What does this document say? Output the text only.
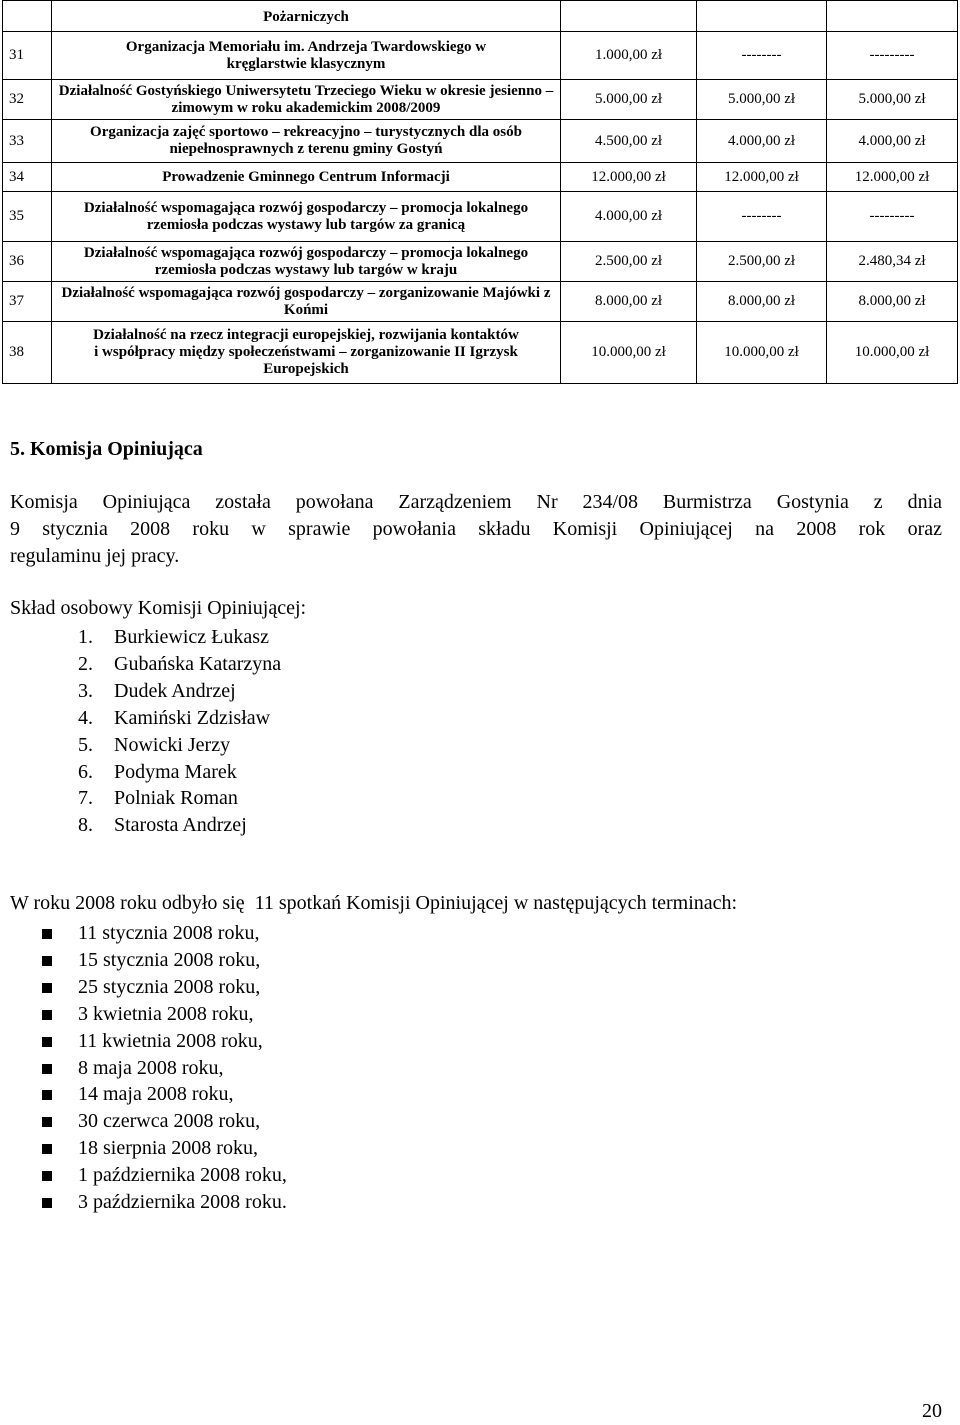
	Pożarniczych			
31	Organizacja Memoriału im. Andrzeja Twardowskiego w kręglarstwie klasycznym	1.000,00 zł	--------	---------
32	Działalność Gostyńskiego Uniwersytetu Trzeciego Wieku w okresie jesienno – zimowym w roku akademickim 2008/2009	5.000,00 zł	5.000,00 zł	5.000,00 zł
33	Organizacja zajęć sportowo – rekreacyjno – turystycznych dla osób niepełnosprawnych z terenu gminy Gostyń	4.500,00 zł	4.000,00 zł	4.000,00 zł
34	Prowadzenie Gminnego Centrum Informacji	12.000,00 zł	12.000,00 zł	12.000,00 zł
35	Działalność wspomagająca rozwój gospodarczy – promocja lokalnego rzemiosła podczas wystawy lub targów za granicą	4.000,00 zł	--------	---------
36	Działalność wspomagająca rozwój gospodarczy – promocja lokalnego rzemiosła podczas wystawy lub targów w kraju	2.500,00 zł	2.500,00 zł	2.480,34 zł
37	Działalność wspomagająca rozwój gospodarczy – zorganizowanie Majówki z Końmi	8.000,00 zł	8.000,00 zł	8.000,00 zł
38	Działalność na rzecz integracji europejskiej, rozwijania kontaktów i współpracy między społeczeństwami – zorganizowanie II Igrzysk Europejskich	10.000,00 zł	10.000,00 zł	10.000,00 zł
5. Komisja Opiniująca
Komisja Opiniująca została powołana Zarządzeniem Nr 234/08 Burmistrza Gostynia z dnia
9 stycznia 2008 roku w sprawie powołania składu Komisji Opiniującej na 2008 rok oraz
regulaminu jej pracy.
Skład osobowy Komisji Opiniującej:
1. Burkiewicz Łukasz
2. Gubańska Katarzyna
3. Dudek Andrzej
4. Kamiński Zdzisław
5. Nowicki Jerzy
6. Podyma Marek
7. Polniak Roman
8. Starosta Andrzej
W roku 2008 roku odbyło się  11 spotkań Komisji Opiniującej w następujących terminach:
11 stycznia 2008 roku,
15 stycznia 2008 roku,
25 stycznia 2008 roku,
3 kwietnia 2008 roku,
11 kwietnia 2008 roku,
8 maja 2008 roku,
14 maja 2008 roku,
30 czerwca 2008 roku,
18 sierpnia 2008 roku,
1 października 2008 roku,
3 października 2008 roku.
20
